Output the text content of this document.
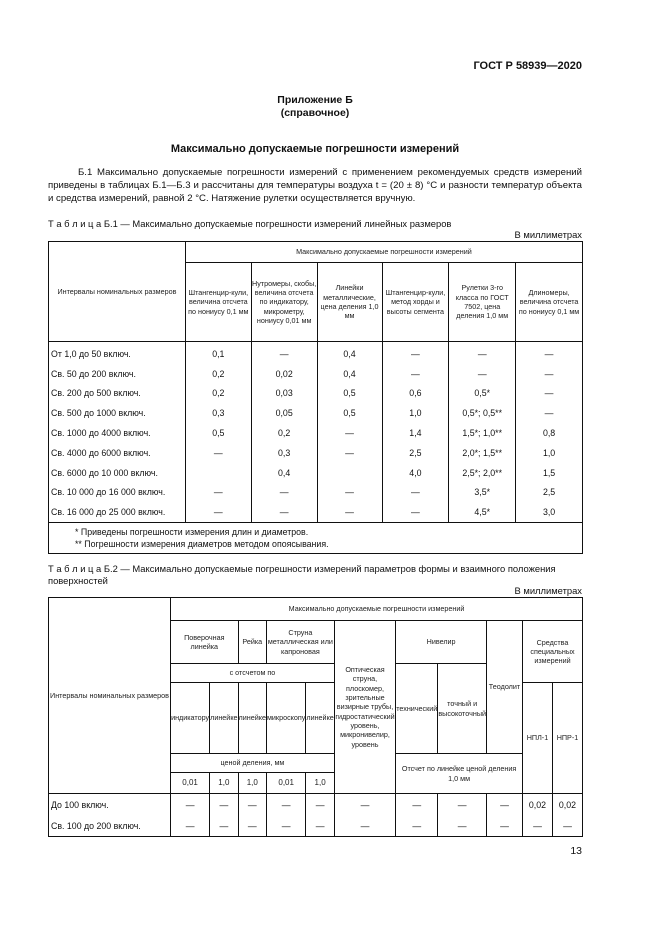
ГОСТ Р 58939—2020
Приложение Б
(справочное)
Максимально допускаемые погрешности измерений
Б.1 Максимально допускаемые погрешности измерений с применением рекомендуемых средств измерений приведены в таблицах Б.1—Б.3 и рассчитаны для температуры воздуха t = (20 ± 8) °С и разности температур объекта и средства измерений, равной 2 °С. Натяжение рулетки осуществляется вручную.
Т а б л и ц а Б.1 — Максимально допускаемые погрешности измерений линейных размеров
В миллиметрах
Интервалы номинальных размеров	Максимально допускаемые погрешности измерений					
	Штангенцир-кули, величина отсчета по нониусу 0,1 мм	Нутромеры, скобы, величина отсчета по индикатору, микрометру, нониусу 0,01 мм	Линейки металлические, цена деления 1,0 мм	Штангенцир-кули, метод хорды и высоты сегмента	Рулетки 3-го класса по ГОСТ 7502, цена деления 1,0 мм	Длиномеры, величина отсчета по нониусу 0,1 мм
От 1,0 до 50 включ.	0,1	—	0,4	—	—	—
Св. 50 до 200 включ.	0,2	0,02	0,4	—	—	—
Св. 200 до 500 включ.	0,2	0,03	0,5	0,6	0,5*	—
Св. 500 до 1000 включ.	0,3	0,05	0,5	1,0	0,5*; 0,5**	—
Св. 1000 до 4000 включ.	0,5	0,2	—	1,4	1,5*; 1,0**	0,8
Св. 4000 до 6000 включ.	—	0,3	—	2,5	2,0*; 1,5**	1,0
Св. 6000 до 10 000 включ.		0,4		4,0	2,5*; 2,0**	1,5
Св. 10 000 до 16 000 включ.	—	—	—	—	3,5*	2,5
Св. 16 000 до 25 000 включ.	—	—	—	—	4,5*	3,0

* Приведены погрешности измерения длин и диаметров.
** Погрешности измерения диаметров методом опоясывания.						
Т а б л и ц а Б.2 — Максимально допускаемые погрешности измерений параметров формы и взаимного положения поверхностей
В миллиметрах
Интервалы номинальных размеров	Максимально допускаемые погрешности измерений										
	Поверочная линейка		Рейка	Струна металлическая или капроновая		Оптическая струна, плоскомер, зрительные визирные трубы, гидростатический уровень, микронивелир, уровень	Нивелир		Теодолит	Средства специальных измерений	
	с отсчетом по						технический	точный и высокоточный			
	индикатору	линейке	линейке	микроскопу	линейке					НПЛ-1	НПР-1
	ценой деления, мм						Отсчет по линейке ценой деления 1,0 мм				
	0,01	1,0	1,0	0,01	1,0						
До 100 включ.	—	—	—	—	—	—	—	—	—	0,02	0,02
Св. 100 до 200 включ.	—	—	—	—	—	—	—	—	—	—	—
13
